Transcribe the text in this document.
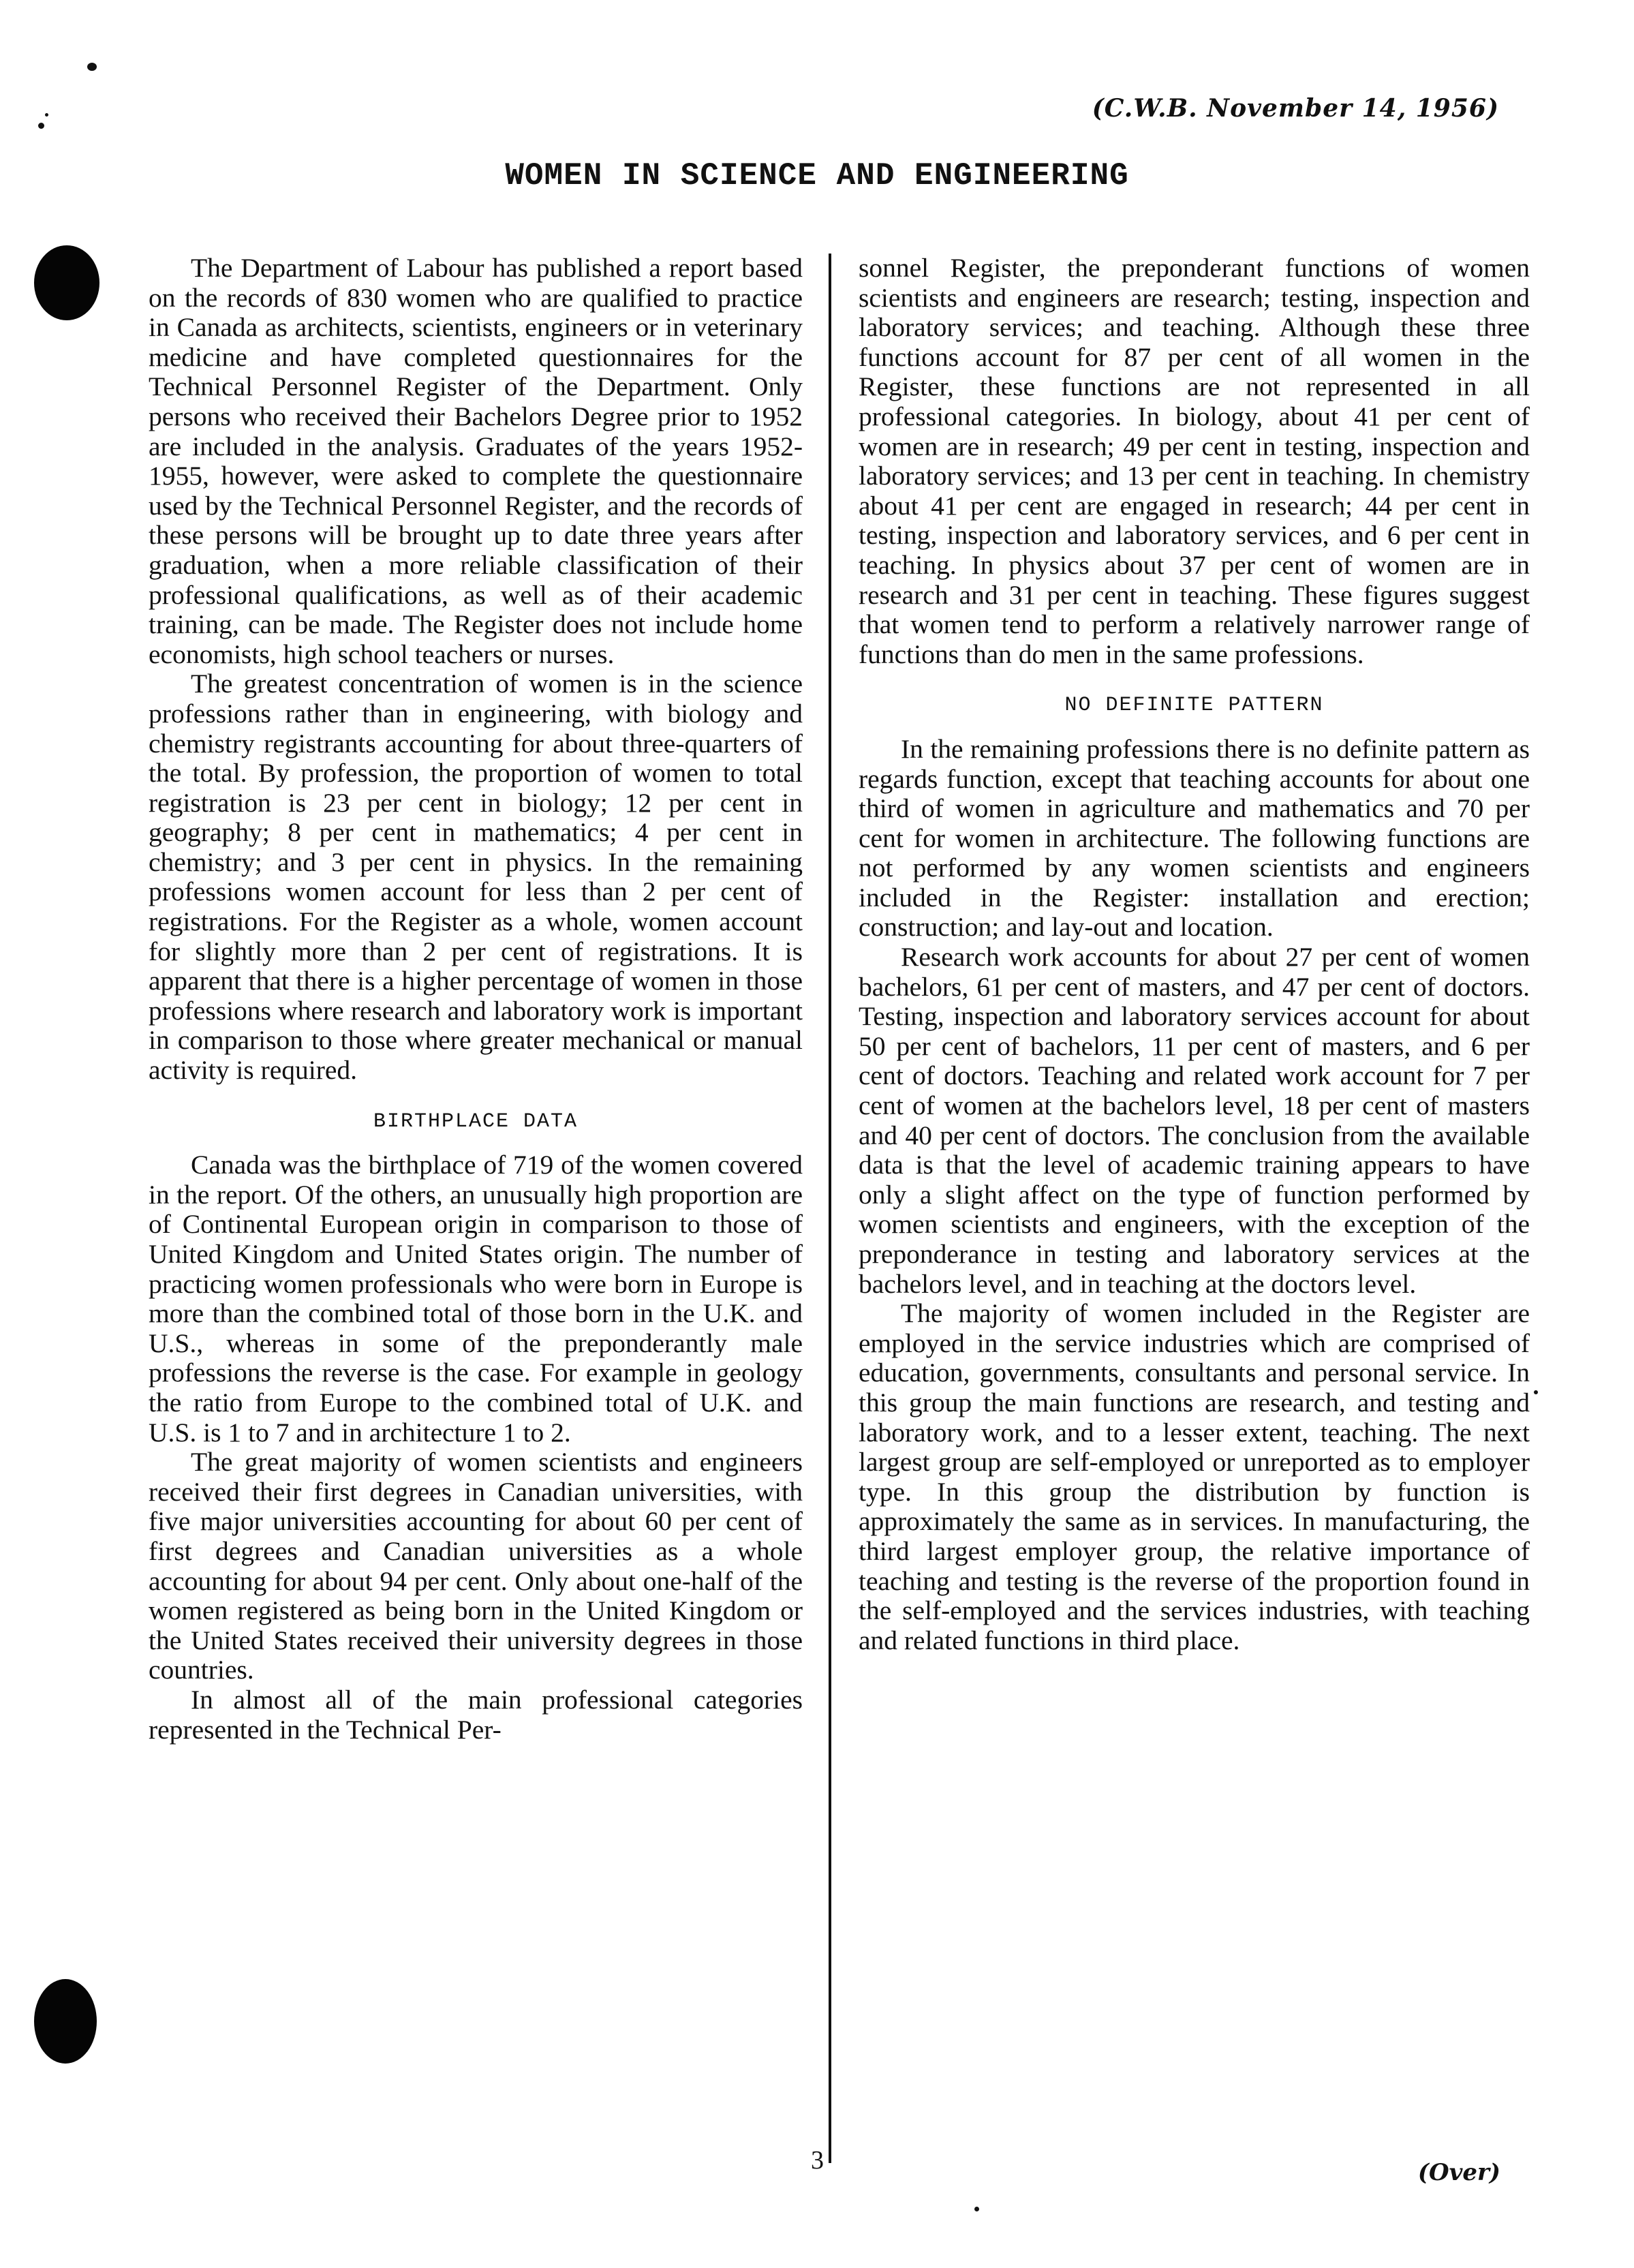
(C.W.B. November 14, 1956)
WOMEN IN SCIENCE AND ENGINEERING

The Department of Labour has published a report based on the records of 830 women who are qualified to practice in Canada as architects, scientists, engineers or in veterinary medicine and have completed questionnaires for the Technical Personnel Register of the Department. Only persons who received their Bachelors Degree prior to 1952 are included in the analysis. Graduates of the years 1952-1955, however, were asked to complete the questionnaire used by the Technical Personnel Register, and the records of these persons will be brought up to date three years after graduation, when a more reliable classification of their professional qualifications, as well as of their academic training, can be made. The Register does not include home economists, high school teachers or nurses.

The greatest concentration of women is in the science professions rather than in engineering, with biology and chemistry registrants accounting for about three-quarters of the total. By profession, the proportion of women to total registration is 23 per cent in biology; 12 per cent in geography; 8 per cent in mathematics; 4 per cent in chemistry; and 3 per cent in physics. In the remaining professions women account for less than 2 per cent of registrations. For the Register as a whole, women account for slightly more than 2 per cent of registrations. It is apparent that there is a higher percentage of women in those professions where research and laboratory work is important in comparison to those where greater mechanical or manual activity is required.

BIRTHPLACE DATA

Canada was the birthplace of 719 of the women covered in the report. Of the others, an unusually high proportion are of Continental European origin in comparison to those of United Kingdom and United States origin. The number of practicing women professionals who were born in Europe is more than the combined total of those born in the U.K. and U.S., whereas in some of the preponderantly male professions the reverse is the case. For example in geology the ratio from Europe to the combined total of U.K. and U.S. is 1 to 7 and in architecture 1 to 2.

The great majority of women scientists and engineers received their first degrees in Canadian universities, with five major universities accounting for about 60 per cent of first degrees and Canadian universities as a whole accounting for about 94 per cent. Only about one-half of the women registered as being born in the United Kingdom or the United States received their university degrees in those countries.

In almost all of the main professional categories represented in the Technical Per-

sonnel Register, the preponderant functions of women scientists and engineers are research; testing, inspection and laboratory services; and teaching. Although these three functions account for 87 per cent of all women in the Register, these functions are not represented in all professional categories. In biology, about 41 per cent of women are in research; 49 per cent in testing, inspection and laboratory services; and 13 per cent in teaching. In chemistry about 41 per cent are engaged in research; 44 per cent in testing, inspection and laboratory services, and 6 per cent in teaching. In physics about 37 per cent of women are in research and 31 per cent in teaching. These figures suggest that women tend to perform a relatively narrower range of functions than do men in the same professions.

NO DEFINITE PATTERN

In the remaining professions there is no definite pattern as regards function, except that teaching accounts for about one third of women in agriculture and mathematics and 70 per cent for women in architecture. The following functions are not performed by any women scientists and engineers included in the Register: installation and erection; construction; and lay-out and location.

Research work accounts for about 27 per cent of women bachelors, 61 per cent of masters, and 47 per cent of doctors. Testing, inspection and laboratory services account for about 50 per cent of bachelors, 11 per cent of masters, and 6 per cent of doctors. Teaching and related work account for 7 per cent of women at the bachelors level, 18 per cent of masters and 40 per cent of doctors. The conclusion from the available data is that the level of academic training appears to have only a slight affect on the type of function performed by women scientists and engineers, with the exception of the preponderance in testing and laboratory services at the bachelors level, and in teaching at the doctors level.

The majority of women included in the Register are employed in the service industries which are comprised of education, governments, consultants and personal service. In this group the main functions are research, and testing and laboratory work, and to a lesser extent, teaching. The next largest group are self-employed or unreported as to employer type. In this group the distribution by function is approximately the same as in services. In manufacturing, the third largest employer group, the relative importance of teaching and testing is the reverse of the proportion found in the self-employed and the services industries, with teaching and related functions in third place.

3	(Over)
